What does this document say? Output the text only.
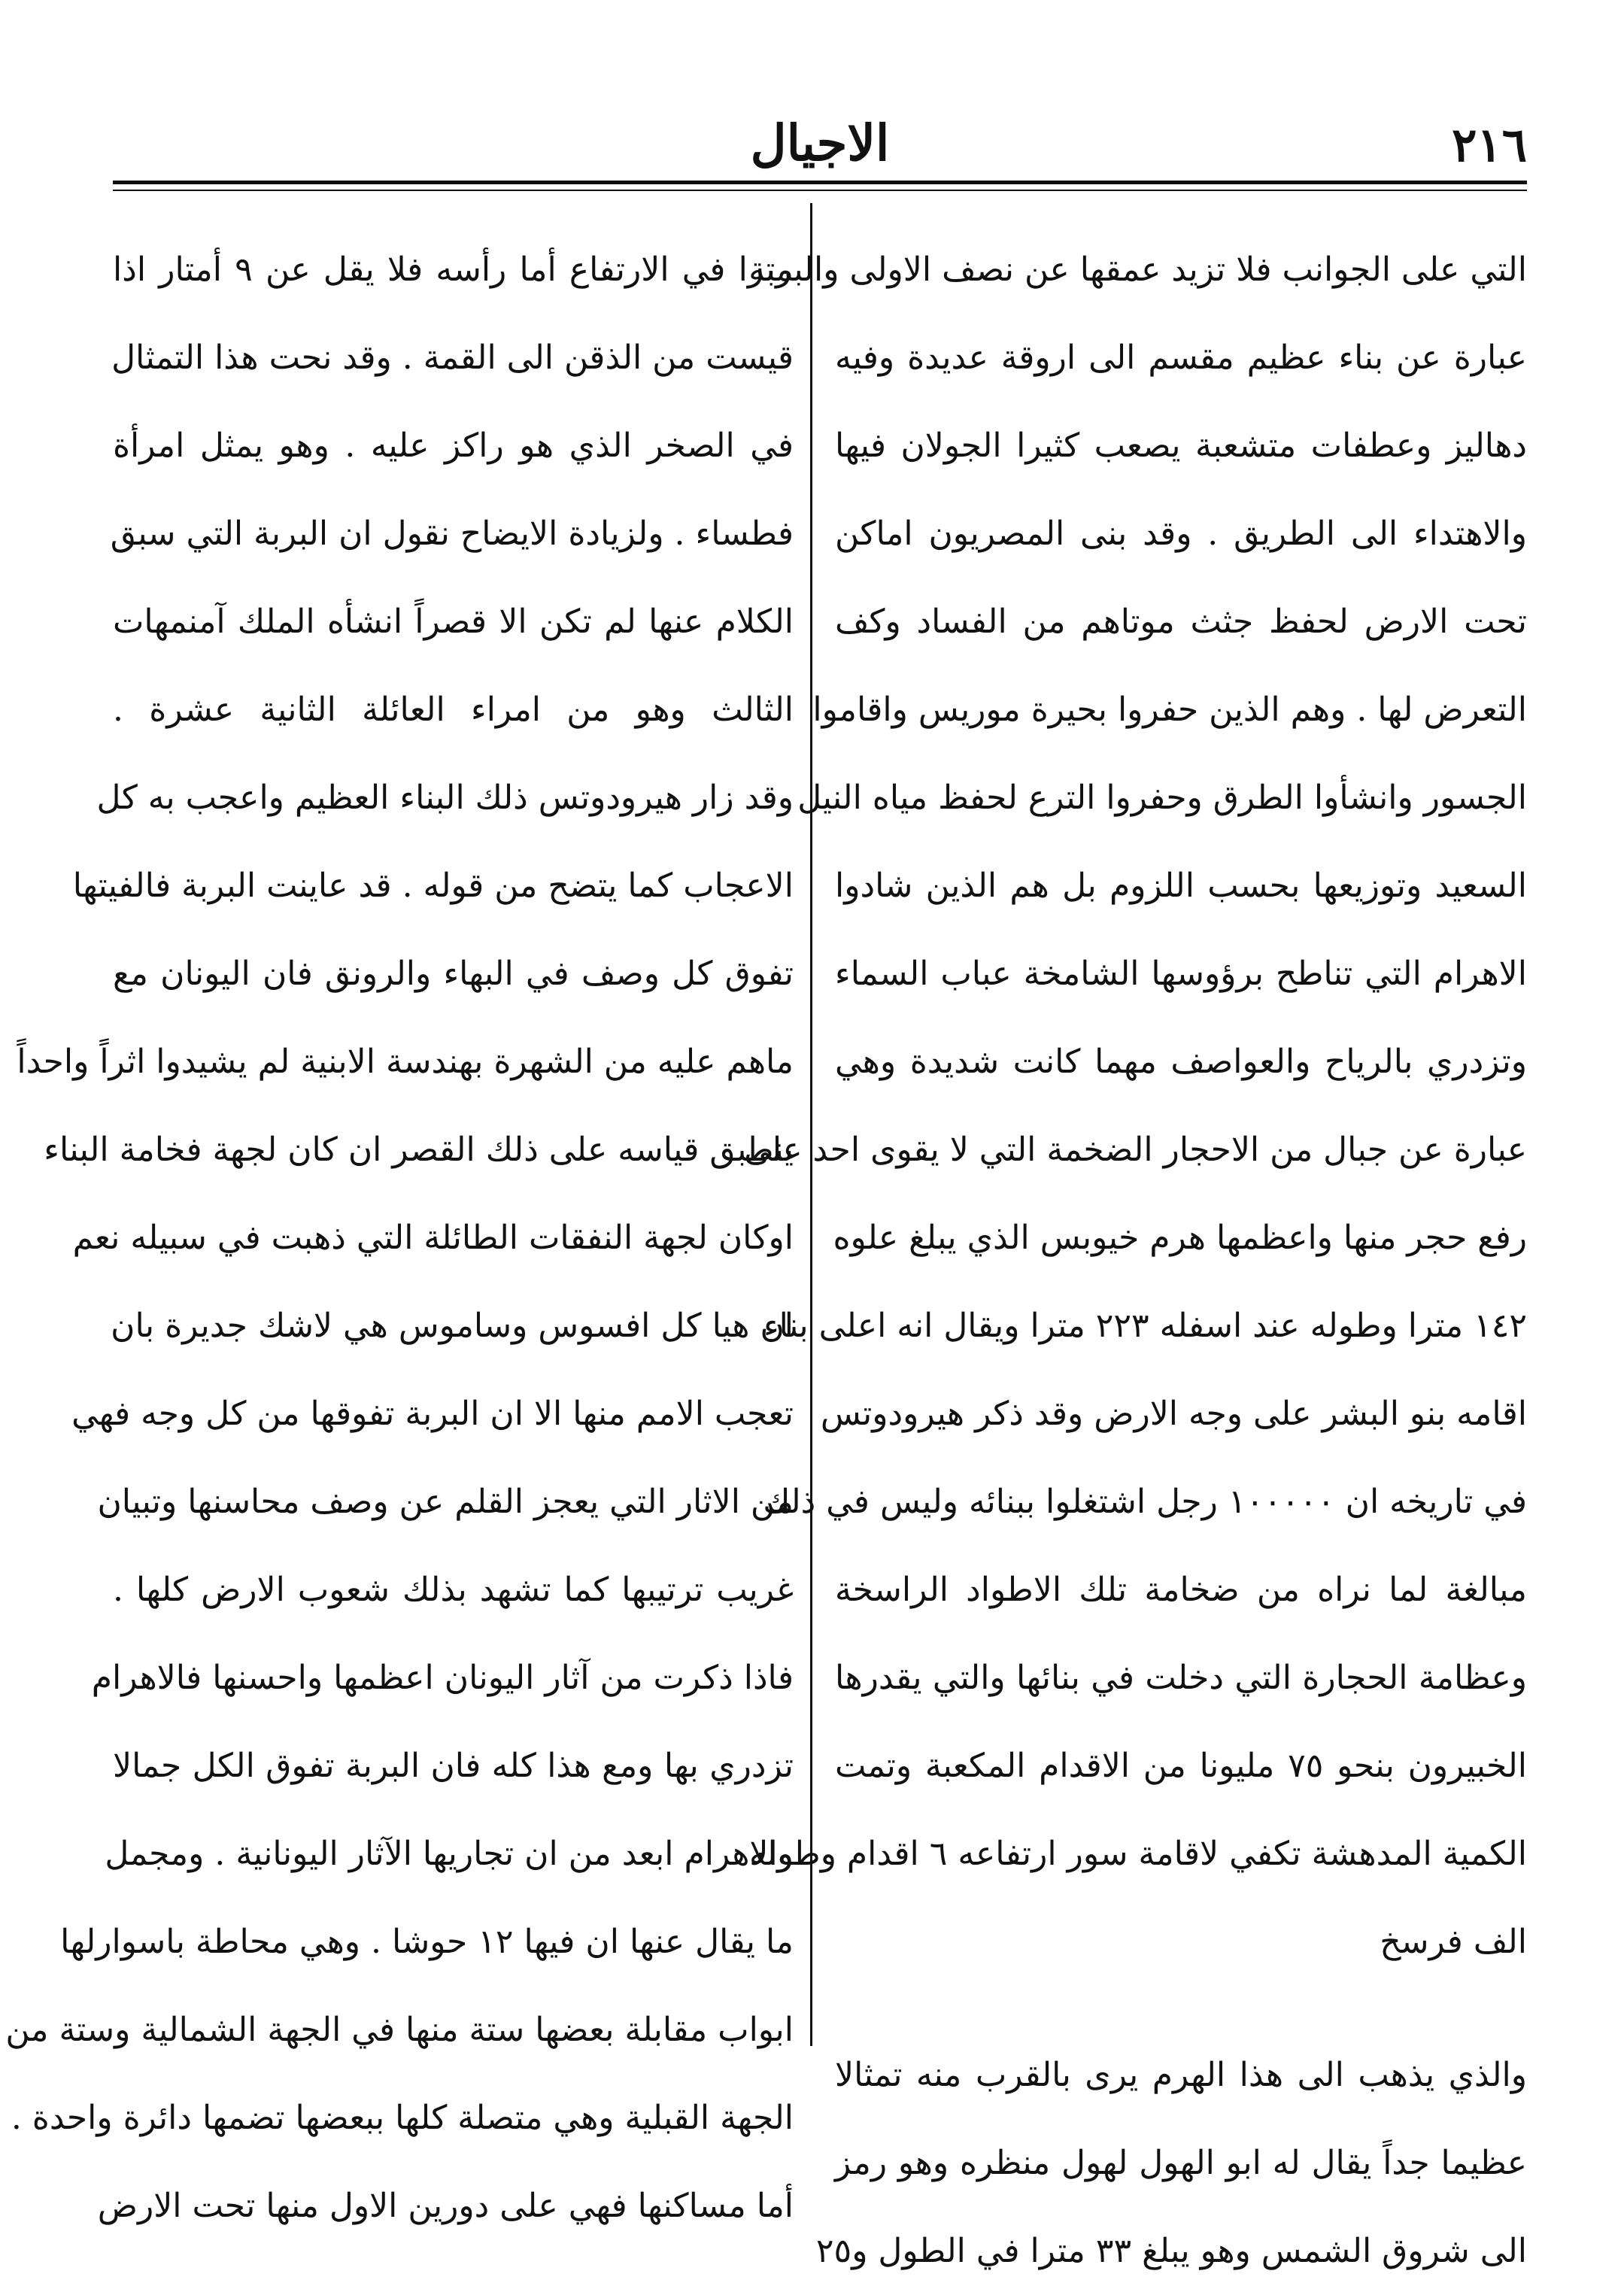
٢١٦
الاجيال
التي على الجوانب فلا تزيد عمقها عن نصف الاولى والبربة
عبارة عن بناء عظيم مقسم الى اروقة عديدة وفيه
دهاليز وعطفات متشعبة يصعب كثيرا الجولان فيها
والاهتداء الى الطريق . وقد بنى المصريون اماكن
تحت الارض لحفظ جثث موتاهم من الفساد وكف
التعرض لها . وهم الذين حفروا بحيرة موريس واقاموا
الجسور وانشأوا الطرق وحفروا الترع لحفظ مياه النيل
السعيد وتوزيعها بحسب اللزوم بل هم الذين شادوا
الاهرام التي تناطح برؤوسها الشامخة عباب السماء
وتزدري بالرياح والعواصف مهما كانت شديدة وهي
عبارة عن جبال من الاحجار الضخمة التي لا يقوى احد على
رفع حجر منها واعظمها هرم خيوبس الذي يبلغ علوه
١٤٢ مترا وطوله عند اسفله ٢٢٣ مترا ويقال انه اعلى بناء
اقامه بنو البشر على وجه الارض وقد ذكر هيرودوتس
في تاريخه ان ١٠٠٠٠٠ رجل اشتغلوا ببنائه وليس في ذلك
مبالغة لما نراه من ضخامة تلك الاطواد الراسخة
وعظامة الحجارة التي دخلت في بنائها والتي يقدرها
الخبيرون بنحو ٧٥ مليونا من الاقدام المكعبة وتمت
الكمية المدهشة تكفي لاقامة سور ارتفاعه ٦ اقدام وطوله
الف فرسخ
والذي يذهب الى هذا الهرم يرى بالقرب منه تمثالا
عظيما جداً يقال له ابو الهول لهول منظره وهو رمز
الى شروق الشمس وهو يبلغ ٣٣ مترا في الطول و٢٥
مترا في الارتفاع أما رأسه فلا يقل عن ٩ أمتار اذا
قيست من الذقن الى القمة . وقد نحت هذا التمثال
في الصخر الذي هو راكز عليه . وهو يمثل امرأة
فطساء . ولزيادة الايضاح نقول ان البربة التي سبق
الكلام عنها لم تكن الا قصراً انشأه الملك آمنمهات
الثالث وهو من امراء العائلة الثانية عشرة .
وقد زار هيرودوتس ذلك البناء العظيم واعجب به كل
الاعجاب كما يتضح من قوله . قد عاينت البربة فالفيتها
تفوق كل وصف في البهاء والرونق فان اليونان مع
ماهم عليه من الشهرة بهندسة الابنية لم يشيدوا اثراً واحداً
ينطبق قياسه على ذلك القصر ان كان لجهة فخامة البناء
اوكان لجهة النفقات الطائلة التي ذهبت في سبيله نعم
ان هيا كل افسوس وساموس هي لاشك جديرة بان
تعجب الامم منها الا ان البربة تفوقها من كل وجه فهي
من الاثار التي يعجز القلم عن وصف محاسنها وتبيان
غريب ترتيبها كما تشهد بذلك شعوب الارض كلها .
فاذا ذكرت من آثار اليونان اعظمها واحسنها فالاهرام
تزدري بها ومع هذا كله فان البربة تفوق الكل جمالا
والاهرام ابعد من ان تجاريها الآثار اليونانية . ومجمل
ما يقال عنها ان فيها ١٢ حوشا . وهي محاطة باسوارلها
ابواب مقابلة بعضها ستة منها في الجهة الشمالية وستة من
الجهة القبلية وهي متصلة كلها ببعضها تضمها دائرة واحدة .
أما مساكنها فهي على دورين الاول منها تحت الارض
